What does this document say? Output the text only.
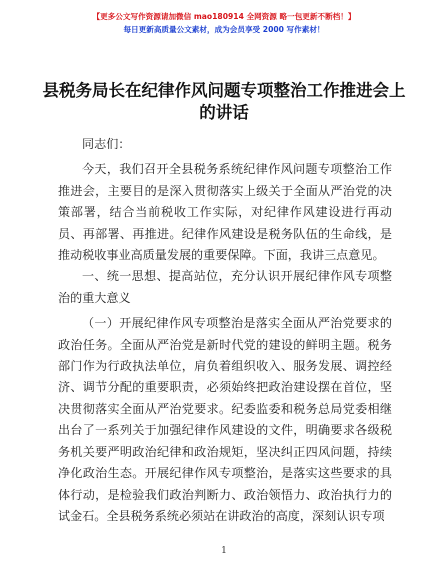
【更多公文写作资源请加微信 mao180914 全网资源 略一包更新不断档！】
每日更新高质量公文素材，成为会员享受 2000 写作素材！
县税务局长在纪律作风问题专项整治工作推进会上的讲话

同志们：

今天，我们召开全县税务系统纪律作风问题专项整治工作推进会，主要目的是深入贯彻落实上级关于全面从严治党的决策部署，结合当前税收工作实际，对纪律作风建设进行再动员、再部署、再推进。纪律作风建设是税务队伍的生命线，是推动税收事业高质量发展的重要保障。下面，我讲三点意见。

一、统一思想、提高站位，充分认识开展纪律作风专项整治的重大意义

（一）开展纪律作风专项整治是落实全面从严治党要求的政治任务。全面从严治党是新时代党的建设的鲜明主题。税务部门作为行政执法单位，肩负着组织收入、服务发展、调控经济、调节分配的重要职责，必须始终把政治建设摆在首位，坚决贯彻落实全面从严治党要求。纪委监委和税务总局党委相继出台了一系列关于加强纪律作风建设的文件，明确要求各级税务机关要严明政治纪律和政治规矩，坚决纠正四风问题，持续净化政治生态。开展纪律作风专项整治，是落实这些要求的具体行动，是检验我们政治判断力、政治领悟力、政治执行力的试金石。全县税务系统必须站在讲政治的高度，深刻认识专项

1
